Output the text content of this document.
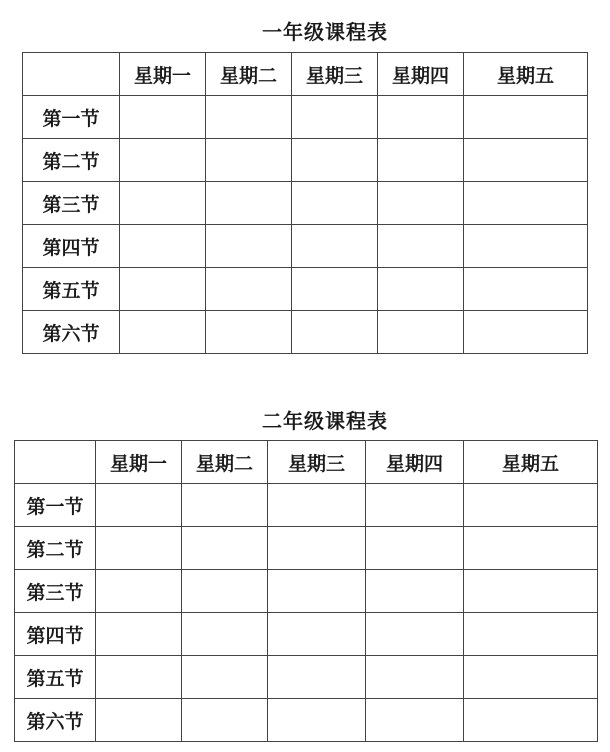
一年级课程表
	星期一	星期二	星期三	星期四	星期五
第一节					
第二节					
第三节					
第四节					
第五节					
第六节					
二年级课程表
	星期一	星期二	星期三	星期四	星期五
第一节					
第二节					
第三节					
第四节					
第五节					
第六节					
